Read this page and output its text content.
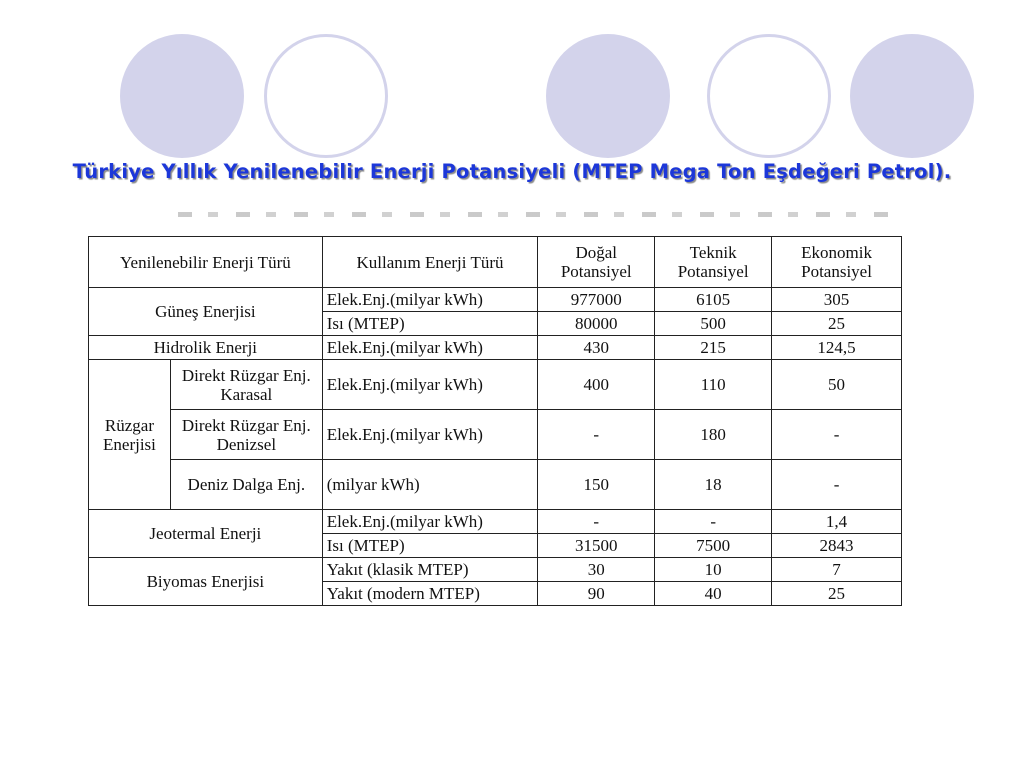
Türkiye Yıllık Yenilenebilir Enerji Potansiyeli (MTEP Mega Ton Eşdeğeri Petrol).
Yenilenebilir Enerji Türü		Kullanım Enerji Türü	Doğal Potansiyel	Teknik Potansiyel	Ekonomik Potansiyel
Güneş Enerjisi		Elek.Enj.(milyar kWh)	977000	6105	305
		Isı (MTEP)	80000	500	25
Hidrolik Enerji		Elek.Enj.(milyar kWh)	430	215	124,5
Rüzgar Enerjisi	Direkt Rüzgar Enj. Karasal	Elek.Enj.(milyar kWh)	400	110	50
	Direkt Rüzgar Enj. Denizsel	Elek.Enj.(milyar kWh)	-	180	-
	Deniz Dalga Enj.	(milyar kWh)	150	18	-
Jeotermal Enerji		Elek.Enj.(milyar kWh)	-	-	1,4
		Isı (MTEP)	31500	7500	2843
Biyomas Enerjisi		Yakıt (klasik MTEP)	30	10	7
		Yakıt (modern MTEP)	90	40	25
